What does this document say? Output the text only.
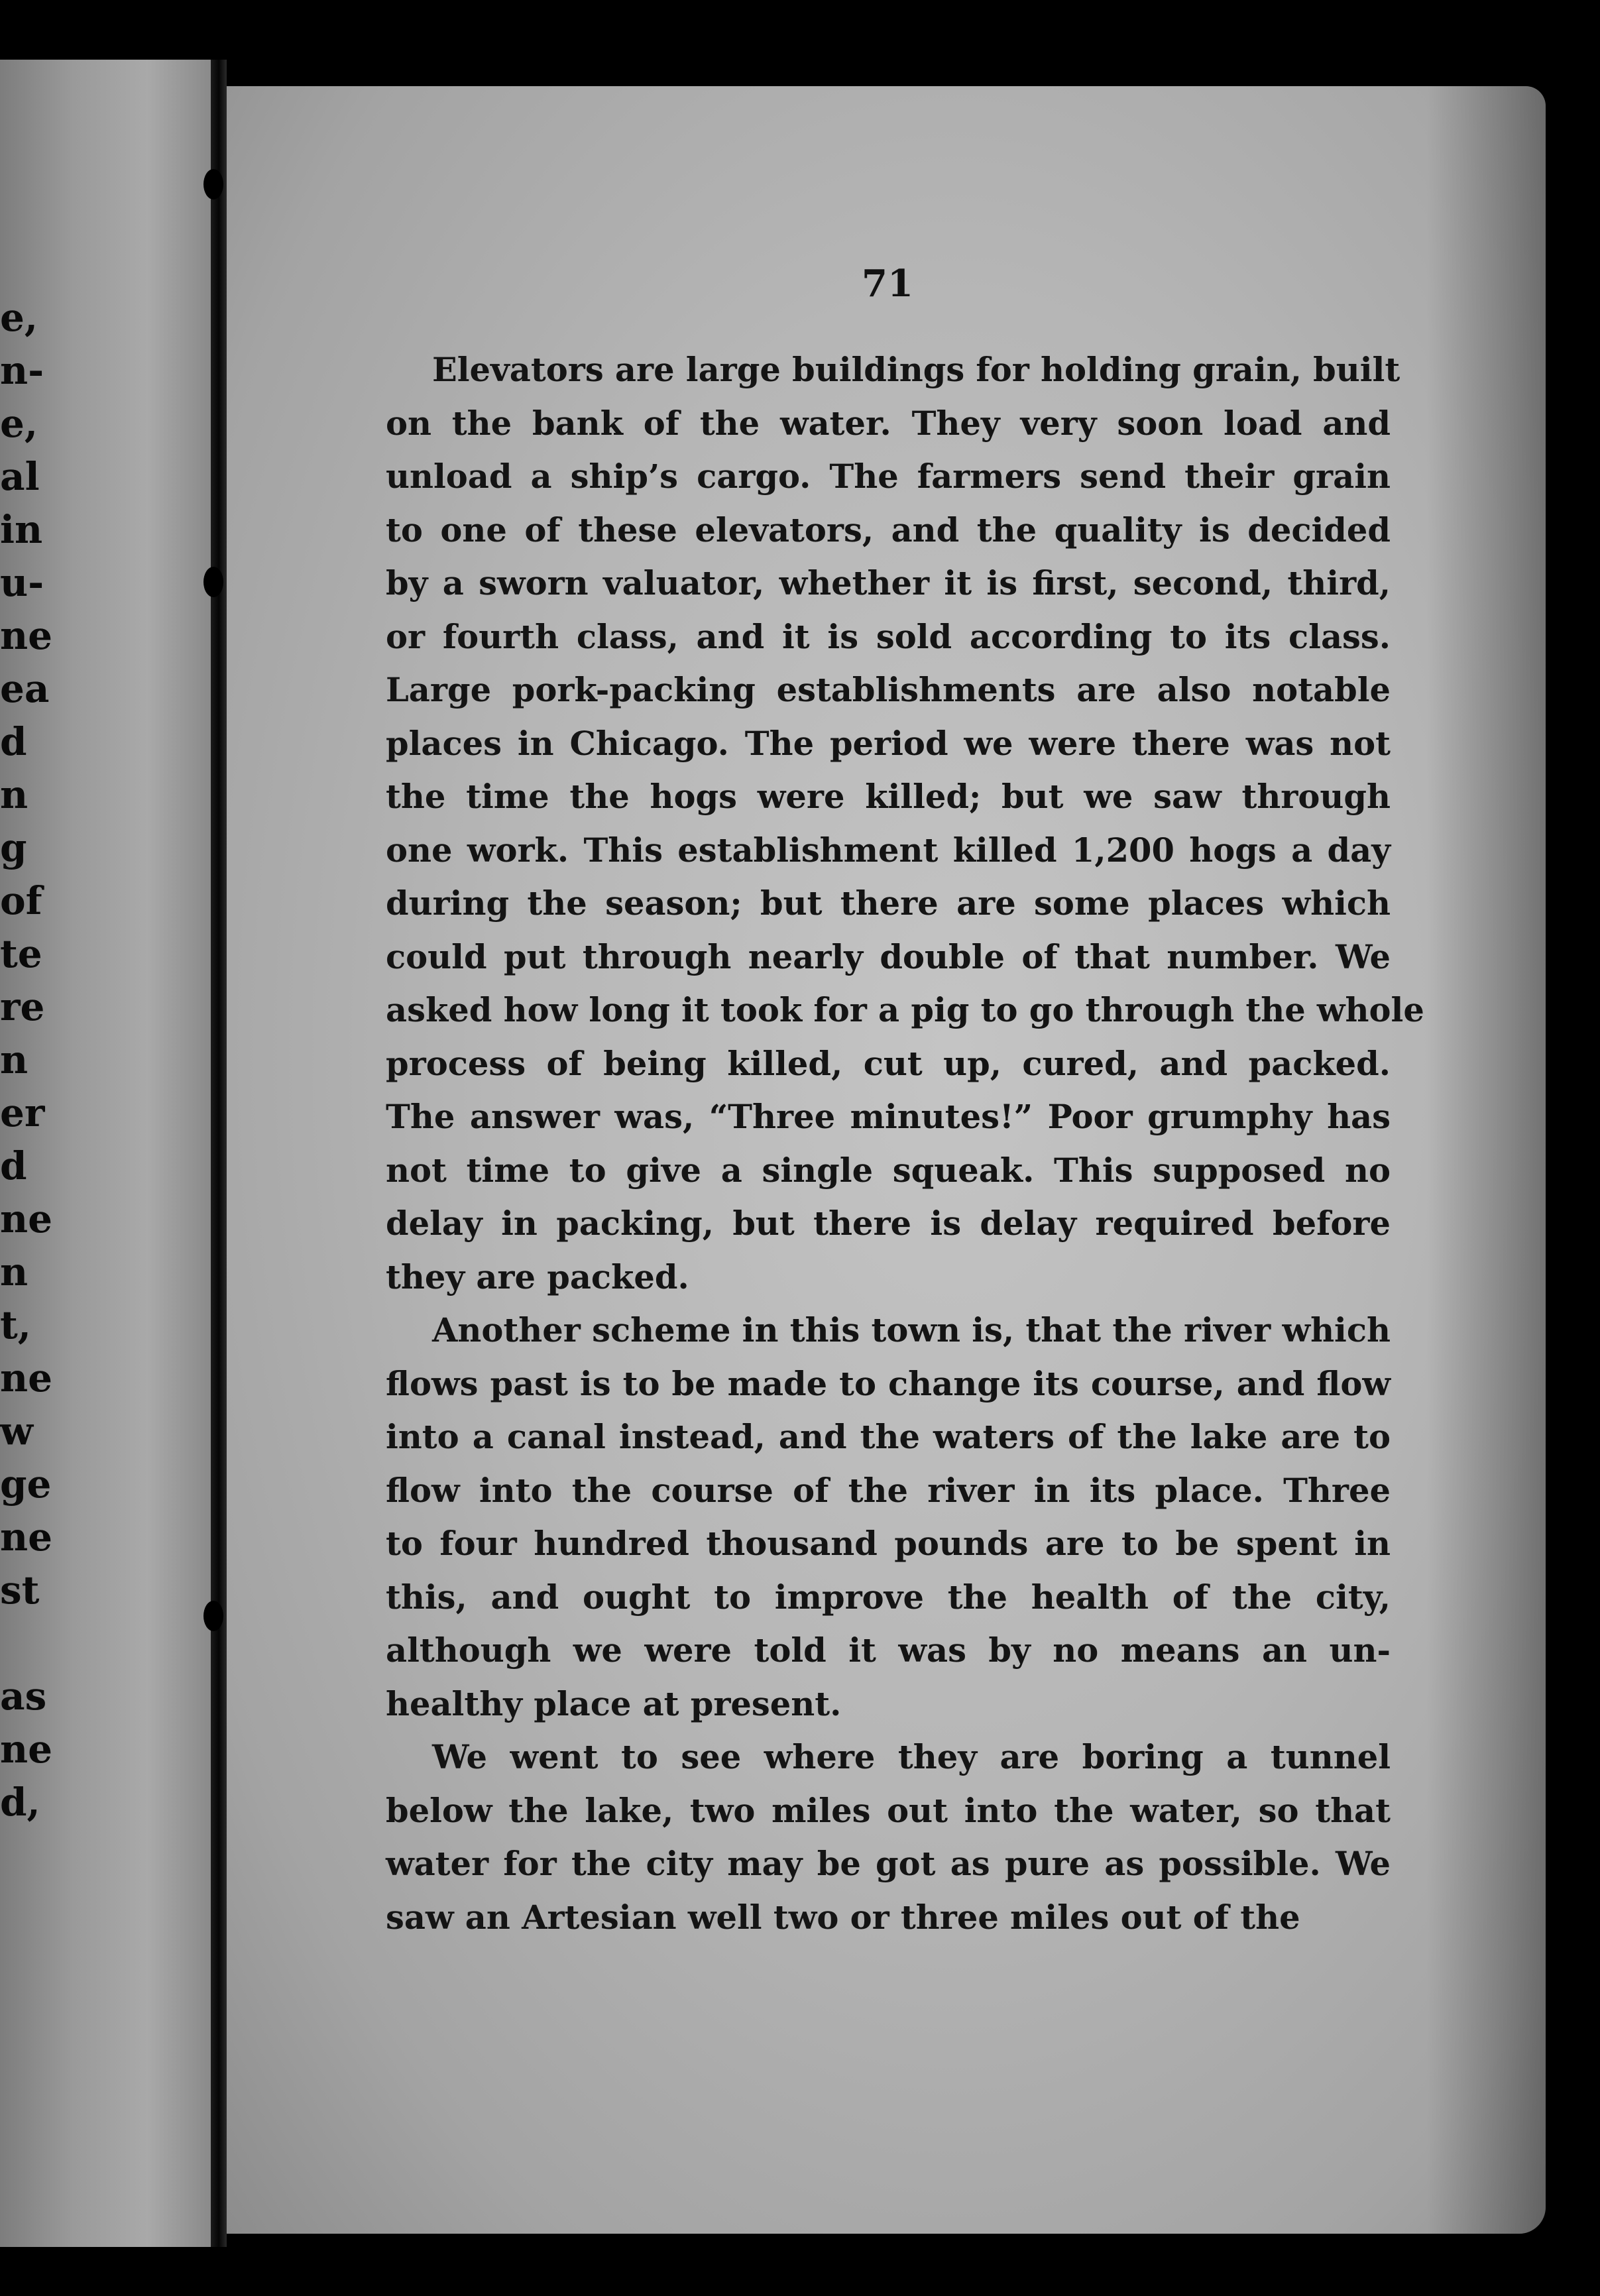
e,
n-
e,
al
in
u-
ne
ea
d
n
g
of
te
re
n
er
d
ne
n
t,
ne
w
ge
ne
st
as
ne
d,
71
Elevators are large buildings for holding grain, built
on the bank of the water. They very soon load and
unload a ship’s cargo. The farmers send their grain
to one of these elevators, and the quality is decided
by a sworn valuator, whether it is first, second, third,
or fourth class, and it is sold according to its class.
Large pork-packing establishments are also notable
places in Chicago. The period we were there was not
the time the hogs were killed; but we saw through
one work. This establishment killed 1,200 hogs a day
during the season; but there are some places which
could put through nearly double of that number. We
asked how long it took for a pig to go through the whole
process of being killed, cut up, cured, and packed.
The answer was, “Three minutes!” Poor grumphy has
not time to give a single squeak. This supposed no
delay in packing, but there is delay required before
they are packed.
Another scheme in this town is, that the river which
flows past is to be made to change its course, and flow
into a canal instead, and the waters of the lake are to
flow into the course of the river in its place. Three
to four hundred thousand pounds are to be spent in
this, and ought to improve the health of the city,
although we were told it was by no means an un-
healthy place at present.
We went to see where they are boring a tunnel
below the lake, two miles out into the water, so that
water for the city may be got as pure as possible. We
saw an Artesian well two or three miles out of the
